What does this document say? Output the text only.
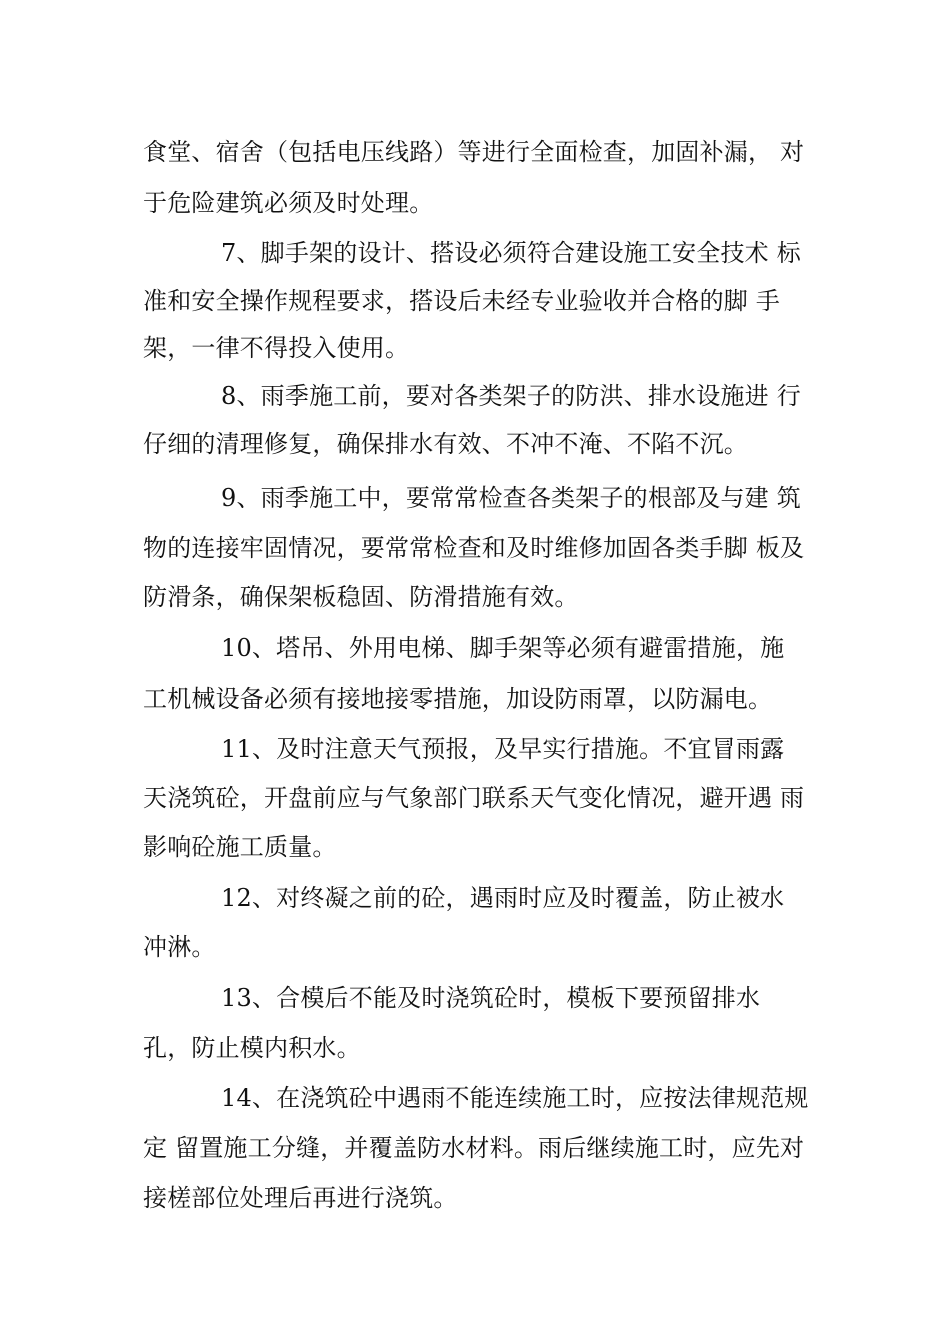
食堂、宿舍（包括电压线路）等进行全面检查，加固补漏， 对
于危险建筑必须及时处理。
7、脚手架的设计、搭设必须符合建设施工安全技术 标
准和安全操作规程要求，搭设后未经专业验收并合格的脚 手
架，一律不得投入使用。
8、雨季施工前，要对各类架子的防洪、排水设施进 行
仔细的清理修复，确保排水有效、不冲不淹、不陷不沉。
9、雨季施工中，要常常检查各类架子的根部及与建 筑
物的连接牢固情况，要常常检查和及时维修加固各类手脚 板及
防滑条，确保架板稳固、防滑措施有效。
10、塔吊、外用电梯、脚手架等必须有避雷措施，施
工机械设备必须有接地接零措施，加设防雨罩，以防漏电。
11、及时注意天气预报，及早实行措施。不宜冒雨露
天浇筑砼，开盘前应与气象部门联系天气变化情况，避开遇 雨
影响砼施工质量。
12、对终凝之前的砼，遇雨时应及时覆盖，防止被水
冲淋。
13、合模后不能及时浇筑砼时，模板下要预留排水
孔，防止模内积水。
14、在浇筑砼中遇雨不能连续施工时，应按法律规范规
定 留置施工分缝，并覆盖防水材料。雨后继续施工时，应先对
接槎部位处理后再进行浇筑。
